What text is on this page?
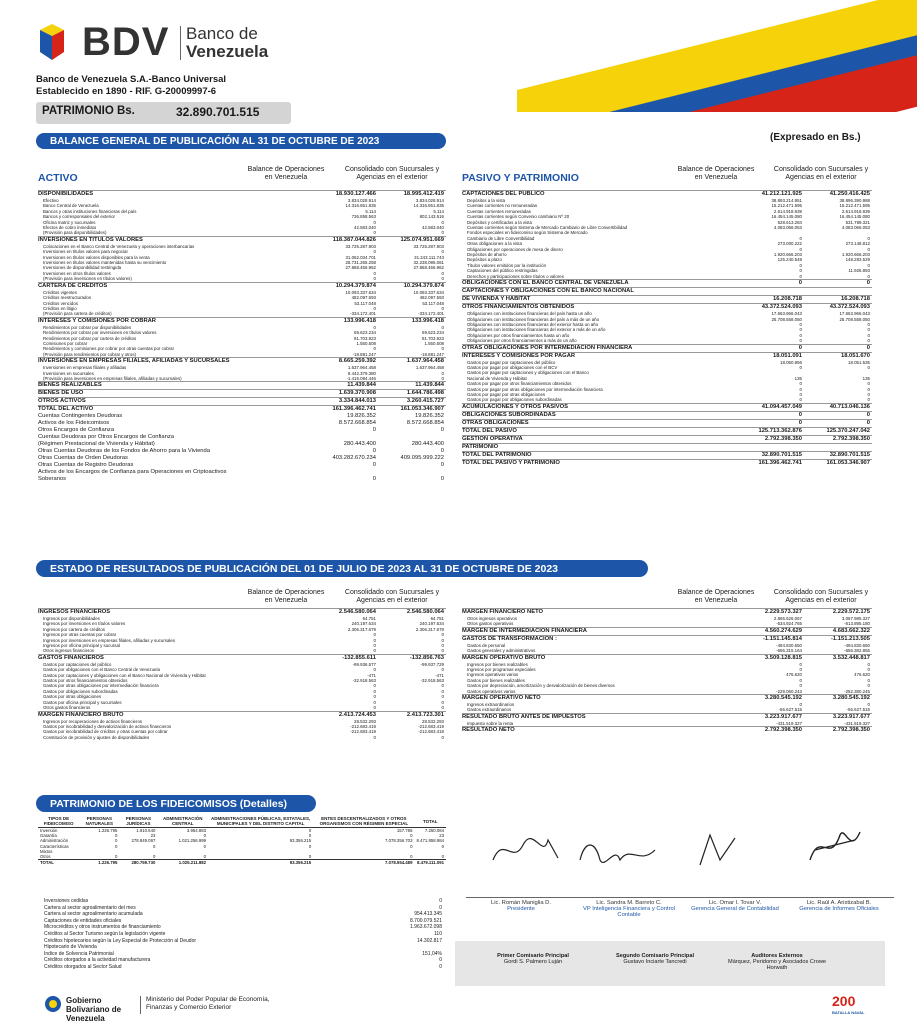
BDV Banco de
Venezuela
Banco de Venezuela S.A.-Banco Universal
Establecido en 1890 - RIF. G-20009997-6
PATRIMONIO Bs.	32.890.701.515
BALANCE GENERAL DE PUBLICACIÓN AL 31 DE OCTUBRE DE 2023	(Expresado en Bs.)
ACTIVO
Balance de Operaciones en Venezuela
Consolidado con Sucursales y Agencias en el exterior
DISPONIBILIDADES	18.930.127.466	18.995.412.419
Efectivo	3.834.028.914	3.834.028.914
Banco Central de Venezuela	14.316.651.835	14.316.651.835
Bancos y otras instituciones financieras del país	5.114	5.114
Bancos y corresponsales del exterior	736.858.563	802.143.516
Oficina matriz y sucursales	0	0
Efectos de cobro inmediato	42.583.040	42.583.040
(Provisión para disponibilidades)	0	0
INVERSIONES EN TÍTULOS VALORES	118.387.044.826	125.074.951.669
Colocaciones en el Banco Central de Venezuela y operaciones interbancarias	33.725.287.903	33.725.287.903
Inversiones en títulos valores para negociar	0	0
Inversiones en títulos valores disponibles para la venta	31.062.034.701	31.243.111.743
Inversiones en títulos valores mantenidas hasta su vencimiento	25.731.265.258	32.238.095.061
Inversiones de disponibilidad restringida	27.868.456.962	27.868.456.962
Inversiones en otros títulos valores	0	0
(Provisión para inversiones en títulos valores)	0	0
CARTERA DE CRÉDITOS	10.294.379.874	10.294.379.874
Créditos vigentes	10.093.337.634	10.093.337.634
Créditos reestructurados	482.097.593	482.097.593
Créditos vencidos	53.117.048	53.117.048
Créditos en litigio	0	0
(Provisión para cartera de créditos)	-334.172.401	-334.172.401
INTERESES Y COMISIONES POR COBRAR	133.996.418	133.996.418
Rendimientos por cobrar por disponibilidades	0	0
Rendimientos por cobrar por inversiones en títulos valores	69.623.234	69.623.234
Rendimientos por cobrar por cartera de créditos	81.703.923	81.703.923
Comisiones por cobrar	1.550.508	1.550.508
Rendimientos y comisiones por cobrar por otras cuentas por cobrar	0	0
(Provisión para rendimientos por cobrar y otros)	-18.881.247	-18.881.247
INVERSIONES EN EMPRESAS FILIALES, AFILIADAS Y SUCURSALES	8.665.259.392	1.637.964.458
Inversiones en empresas filiales y afiliadas	1.637.964.458	1.637.964.458
Inversiones en sucursales	8.442.379.380	0
(Provisión para inversiones en empresas filiales, afiliadas y sucursales)	-1.415.084.446	0
BIENES REALIZABLES	11.439.844	11.439.844
BIENES DE USO	1.639.370.908	1.644.786.498
OTROS ACTIVOS	3.334.844.013	3.260.415.727
TOTAL DEL ACTIVO	161.396.462.741	161.053.346.907
Cuentas Contingentes Deudoras	19.826.352	19.826.352
Activos de los Fideicomisos	8.572.668.854	8.572.668.854
Otros Encargos de Confianza	0	0
Cuentas Deudoras por Otros Encargos de Confianza		
(Régimen Prestacional de Vivienda y Hábitat)	280.443.400	280.443.400
Otras Cuentas Deudoras de los Fondos de Ahorro para la Vivienda	0	0
Otras Cuentas de Orden Deudoras	403.282.670.234	409.095.999.222
Otras Cuentas de Registro Deudoras	0	0
Activos de los Encargos de Confianza para Operaciones en Criptoactivos		
Soberanos	0	0
PASIVO Y PATRIMONIO
Balance de Operaciones en Venezuela
Consolidado con Sucursales y Agencias en el exterior
CAPTACIONES DEL PÚBLICO	41.212.121.925	41.250.416.425
Depósitos a la vista	38.893.214.951	38.896.390.988
Cuentas corrientes no remuneradas	15.212.471.595	15.212.471.595
Cuentas corrientes remuneradas	2.614.918.939	2.614.918.939
Cuentas corrientes según Convenio cambiario Nº 20	16.454.145.080	16.454.145.080
Depósitos y certificados a la vista	528.613.284	531.789.321
Cuentas corrientes según Sistema de Mercado Cambiario de Libre Convertibilidad	4.083.066.053	4.083.066.053
Fondos especiales en fideicomiso según Sistema de Mercado		
Cambiario de Libre Convertibilidad	0	0
Otras obligaciones a la vista	273.000.222	273.148.812
Obligaciones por operaciones de mesa de dinero	0	0
Depósitos de ahorro	1.920.666.203	1.920.666.203
Depósitos a plazo	125.240.549	148.283.529
Títulos valores emitidos por la institución	0	0
Captaciones del público restringidas	0	11.926.893
Derechos y participaciones sobre títulos o valores	0	0
OBLIGACIONES CON EL BANCO CENTRAL DE VENEZUELA	0	0
CAPTACIONES Y OBLIGACIONES CON EL BANCO NACIONAL		
DE VIVIENDA Y HÁBITAT	16.208.718	16.208.718
OTROS FINANCIAMIENTOS OBTENIDOS	43.372.524.093	43.372.524.093
Obligaciones con instituciones financieras del país hasta un año	17.663.966.043	17.663.966.043
Obligaciones con instituciones financieras del país a más de un año	25.708.558.050	25.708.558.050
Obligaciones con instituciones financieras del exterior hasta un año	0	0
Obligaciones con instituciones financieras del exterior a más de un año	0	0
Obligaciones por otros financiamientos hasta un año	0	0
Obligaciones por otros financiamientos a más de un año	0	0
OTRAS OBLIGACIONES POR INTERMEDIACIÓN FINANCIERA	0	0
INTERESES Y COMISIONES POR PAGAR	18.051.091	18.051.670
Gastos por pagar por captaciones del público	18.050.956	18.051.535
Gastos por pagar por obligaciones con el BCV	0	0
Gastos por pagar por captaciones y obligaciones con el Banco		
Nacional de Vivienda y Hábitat	135	135
Gastos por pagar por otros financiamientos obtenidos	0	0
Gastos por pagar por otras obligaciones por intermediación financiera	0	0
Gastos por pagar por otras obligaciones	0	0
Gastos por pagar por obligaciones subordinadas	0	0
ACUMULACIONES Y OTROS PASIVOS	41.094.457.049	40.713.046.136
OBLIGACIONES SUBORDINADAS	0	0
OTRAS OBLIGACIONES	0	0
TOTAL DEL PASIVO	125.713.362.876	125.370.247.042
GESTIÓN OPERATIVA	2.792.398.350	2.792.398.350
PATRIMONIO		
TOTAL DEL PATRIMONIO	32.890.701.515	32.890.701.515
TOTAL DEL PASIVO Y PATRIMONIO	161.396.462.741	161.053.346.907
ESTADO DE RESULTADOS DE PUBLICACIÓN DEL 01 DE JULIO DE 2023 AL 31 DE OCTUBRE DE 2023
Balance de Operaciones en Venezuela
Consolidado con Sucursales y Agencias en el exterior
INGRESOS FINANCIEROS	2.546.580.064	2.546.580.064
Ingresos por disponibilidades	64.751	64.751
Ingresos por inversiones en títulos valores	240.197.634	240.197.634
Ingresos por cartera de créditos	2.306.317.679	2.306.317.679
Ingresos por otras cuentas por cobrar	0	0
Ingresos por inversiones en empresas filiales, afiliadas y sucursales	0	0
Ingresos por oficina principal y sucursal	0	0
Otros ingresos financieros	0	0
GASTOS FINANCIEROS	-132.855.611	-132.856.763
Gastos por captaciones del público	-99.936.577	-99.937.729
Gastos por obligaciones con el Banco Central de Venezuela	0	0
Gastos por captaciones y obligaciones con el Banco Nacional de Vivienda y Hábitat	-471	-471
Gastos por otros financiamientos obtenidos	-32.918.563	-32.918.563
Gastos por otras obligaciones por intermediación financiera	0	0
Gastos por obligaciones subordinadas	0	0
Gastos por otras obligaciones	0	0
Gastos por oficina principal y sucursales	0	0
Otros gastos financieros	0	0
MARGEN FINANCIERO BRUTO	2.413.724.453	2.413.723.301
Ingresos por recuperaciones de activos financieros	28.532.293	28.532.293
Gastos por incobrabilidad y desvalorización de activos financieros	-212.683.419	-212.683.419
Gastos por incobrabilidad de créditos y otras cuentas por cobrar	-212.683.419	-212.683.419
Constitución de provisión y ajustes de disponibilidades	0	0
Balance de Operaciones en Venezuela
Consolidado con Sucursales y Agencias en el exterior
MARGEN FINANCIERO NETO	2.229.573.327	2.229.572.175
Otros ingresos operativos	2.865.626.067	3.067.985.327
Otros gastos operativos	-534.924.765	-613.895.180
MARGEN DE INTERMEDIACIÓN FINANCIERA	4.560.274.629	4.683.662.322
GASTOS DE TRANSFORMACIÓN :	-1.151.145.814	-1.151.213.505
Gastos de personal	-494.830.650	-494.830.650
Gastos generales y administrativos	-656.315.164	-656.382.855
MARGEN OPERATIVO BRUTO	3.509.128.815	3.532.448.817
Ingresos por bienes realizables	0	0
Ingresos por programas especiales	0	0
Ingresos operativos varios	476.620	476.620
Gastos por bienes realizables	0	0
Gastos por depreciación, amortización y desvalorización de bienes diversos	0	0
Gastos operativos varios	-229.060.243	-252.380.245
MARGEN OPERATIVO NETO	3.280.545.192	3.280.545.192
Ingresos extraordinarios	0	0
Gastos extraordinarios	-56.627.515	-56.627.515
RESULTADO BRUTO ANTES DE IMPUESTOS	3.223.917.677	3.223.917.677
Impuesto sobre la renta	-431.519.327	-431.519.327
RESULTADO NETO	2.792.398.350	2.792.398.350
PATRIMONIO DE LOS FIDEICOMISOS (Detalles)
TIPOS DE FIDEICOMISO	PERSONAS NATURALES	PERSONAS JURÍDICAS	ADMINISTRACIÓN CENTRAL	ADMINISTRACIONES PÚBLICAS, ESTATALES, MUNICIPALES Y DEL DISTRITO CAPITAL	ENTES DESCENTRALIZADOS Y OTROS ORGANISMOS CON RÉGIMEN ESPECIAL	TOTAL
Inversión	1.226.795	1.910.640	3.954.883	0	157.786	7.250.084
Garantía	0	23	0	0	0	23
Administración	0	278.849.097	1.021.256.999	93.356.215	7.078.356.703	8.471.858.984
Características	0	0	0	0	0	0
Mixtos						
Otros	0	0	0	0	0	0
TOTAL	1.226.795	280.759.730	1.025.211.882	93.356.215	7.078.554.489	8.479.111.091
Inversiones cedidas	0
Cartera al sector agroalimentario del mes	0
Cartera al sector agroalimentario acumulada	954.413.345
Captaciones de entidades oficiales	8.700.079.521
Microcréditos y otros instrumentos de financiamiento	1.963.672.098
Créditos al Sector Turismo según la legislación vigente	110
Créditos hipotecarios según la Ley Especial de Protección al Deudor	14.302.817
Hipotecario de Vivienda	
Índice de Solvencia Patrimonial	151,04%
Créditos otorgados a la actividad manufacturera	0
Créditos otorgados al Sector Salud	0
Lic. Román Maniglia D.
Presidente
Lic. Sandra M. Barreto C.
VP Inteligencia Financiera y Control Contable
Lic. Omar I. Tovar V.
Gerencia General de Contabilidad
Lic. Raúl A. Aristizabal B.
Gerencia de Informes Oficiales
Primer Comisario Principal
Gordi S. Palmero Luján
Segundo Comisario Principal
Gustavo Inciarte Tancredi
Auditores Externos
Márquez, Peridomo y Asociados Crowe Horwath
Gobierno Bolivariano de Venezuela
Ministerio del Poder Popular de Economía, Finanzas y Comercio Exterior	200
BATALLA NAVAL
